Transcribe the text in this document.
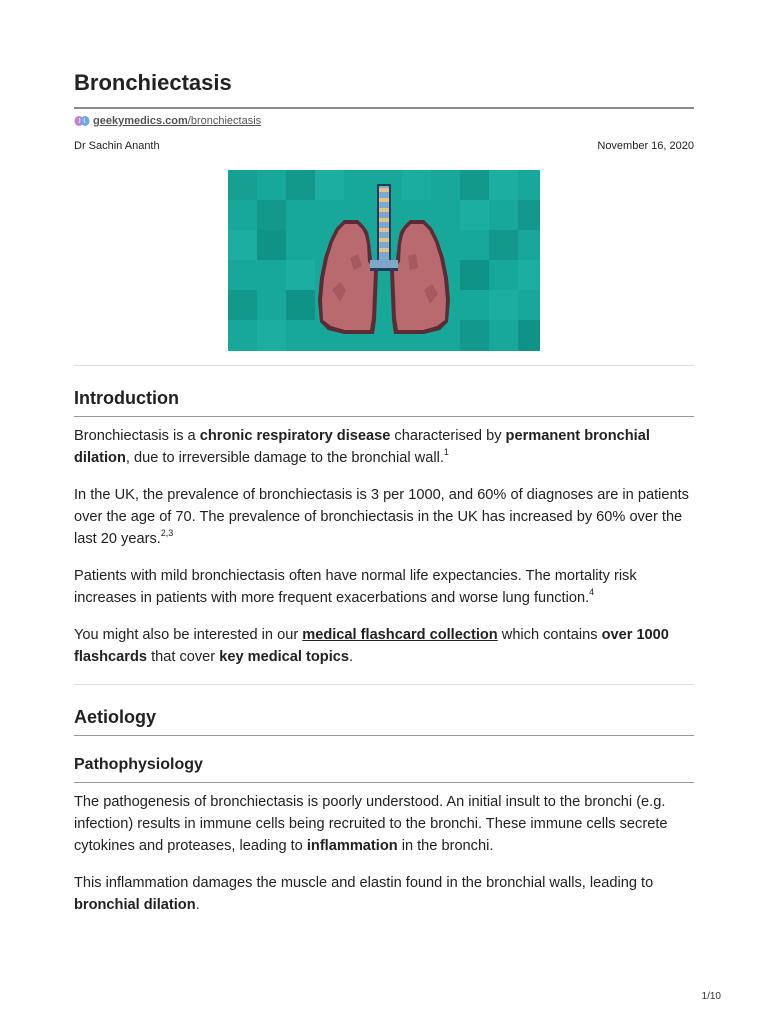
Bronchiectasis
geekymedics.com/bronchiectasis
Dr Sachin Ananth	November 16, 2020
Introduction

Bronchiectasis is a chronic respiratory disease characterised by permanent bronchial dilation, due to irreversible damage to the bronchial wall.$^1$

In the UK, the prevalence of bronchiectasis is 3 per 1000, and 60% of diagnoses are in patients over the age of 70. The prevalence of bronchiectasis in the UK has increased by 60% over the last 20 years.$^{2,3}$

Patients with mild bronchiectasis often have normal life expectancies. The mortality risk increases in patients with more frequent exacerbations and worse lung function.$^4$

You might also be interested in our medical flashcard collection which contains over 1000 flashcards that cover key medical topics.

Aetiology
Pathophysiology

The pathogenesis of bronchiectasis is poorly understood. An initial insult to the bronchi (e.g. infection) results in immune cells being recruited to the bronchi. These immune cells secrete cytokines and proteases, leading to inflammation in the bronchi.

This inflammation damages the muscle and elastin found in the bronchial walls, leading to bronchial dilation.

1/10
